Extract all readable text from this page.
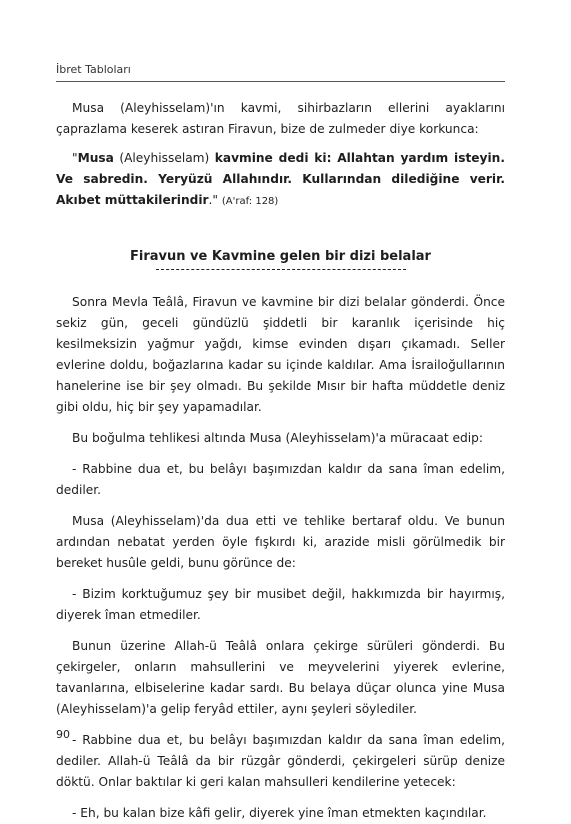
İbret Tabloları

Musa (Aleyhisselam)'ın kavmi, sihirbazların ellerini ayaklarını çaprazlama keserek astıran Firavun, bize de zulmeder diye korkunca:

"Musa (Aleyhisselam) kavmine dedi ki: Allahtan yardım isteyin. Ve sabredin. Yeryüzü Allahındır. Kullarından dilediğine verir. Akıbet müttakilerindir." (A'raf: 128)

Firavun ve Kavmine gelen bir dizi belalar

Sonra Mevla Teâlâ, Firavun ve kavmine bir dizi belalar gönderdi. Önce sekiz gün, geceli gündüzlü şiddetli bir karanlık içerisinde hiç kesilmeksizin yağmur yağdı, kimse evinden dışarı çıkamadı. Seller evlerine doldu, boğazlarına kadar su içinde kaldılar. Ama İsrailoğullarının hanelerine ise bir şey olmadı. Bu şekilde Mısır bir hafta müddetle deniz gibi oldu, hiç bir şey yapamadılar.

Bu boğulma tehlikesi altında Musa (Aleyhisselam)'a müracaat edip:

- Rabbine dua et, bu belâyı başımızdan kaldır da sana îman edelim, dediler.

Musa (Aleyhisselam)'da dua etti ve tehlike bertaraf oldu. Ve bunun ardından nebatat yerden öyle fışkırdı ki, arazide misli görülmedik bir bereket husûle geldi, bunu görünce de:

- Bizim korktuğumuz şey bir musibet değil, hakkımızda bir hayırmış, diyerek îman etmediler.

Bunun üzerine Allah-ü Teâlâ onlara çekirge sürüleri gönderdi. Bu çekirgeler, onların mahsullerini ve meyvelerini yiyerek evlerine, tavanlarına, elbiselerine kadar sardı. Bu belaya düçar olunca yine Musa (Aleyhisselam)'a gelip feryâd ettiler, aynı şeyleri söylediler.

- Rabbine dua et, bu belâyı başımızdan kaldır da sana îman edelim, dediler. Allah-ü Teâlâ da bir rüzgâr gönderdi, çekirgeleri sürüp denize döktü. Onlar baktılar ki geri kalan mahsulleri kendilerine yetecek:

- Eh, bu kalan bize kâfi gelir, diyerek yine îman etmekten kaçındılar.

90
